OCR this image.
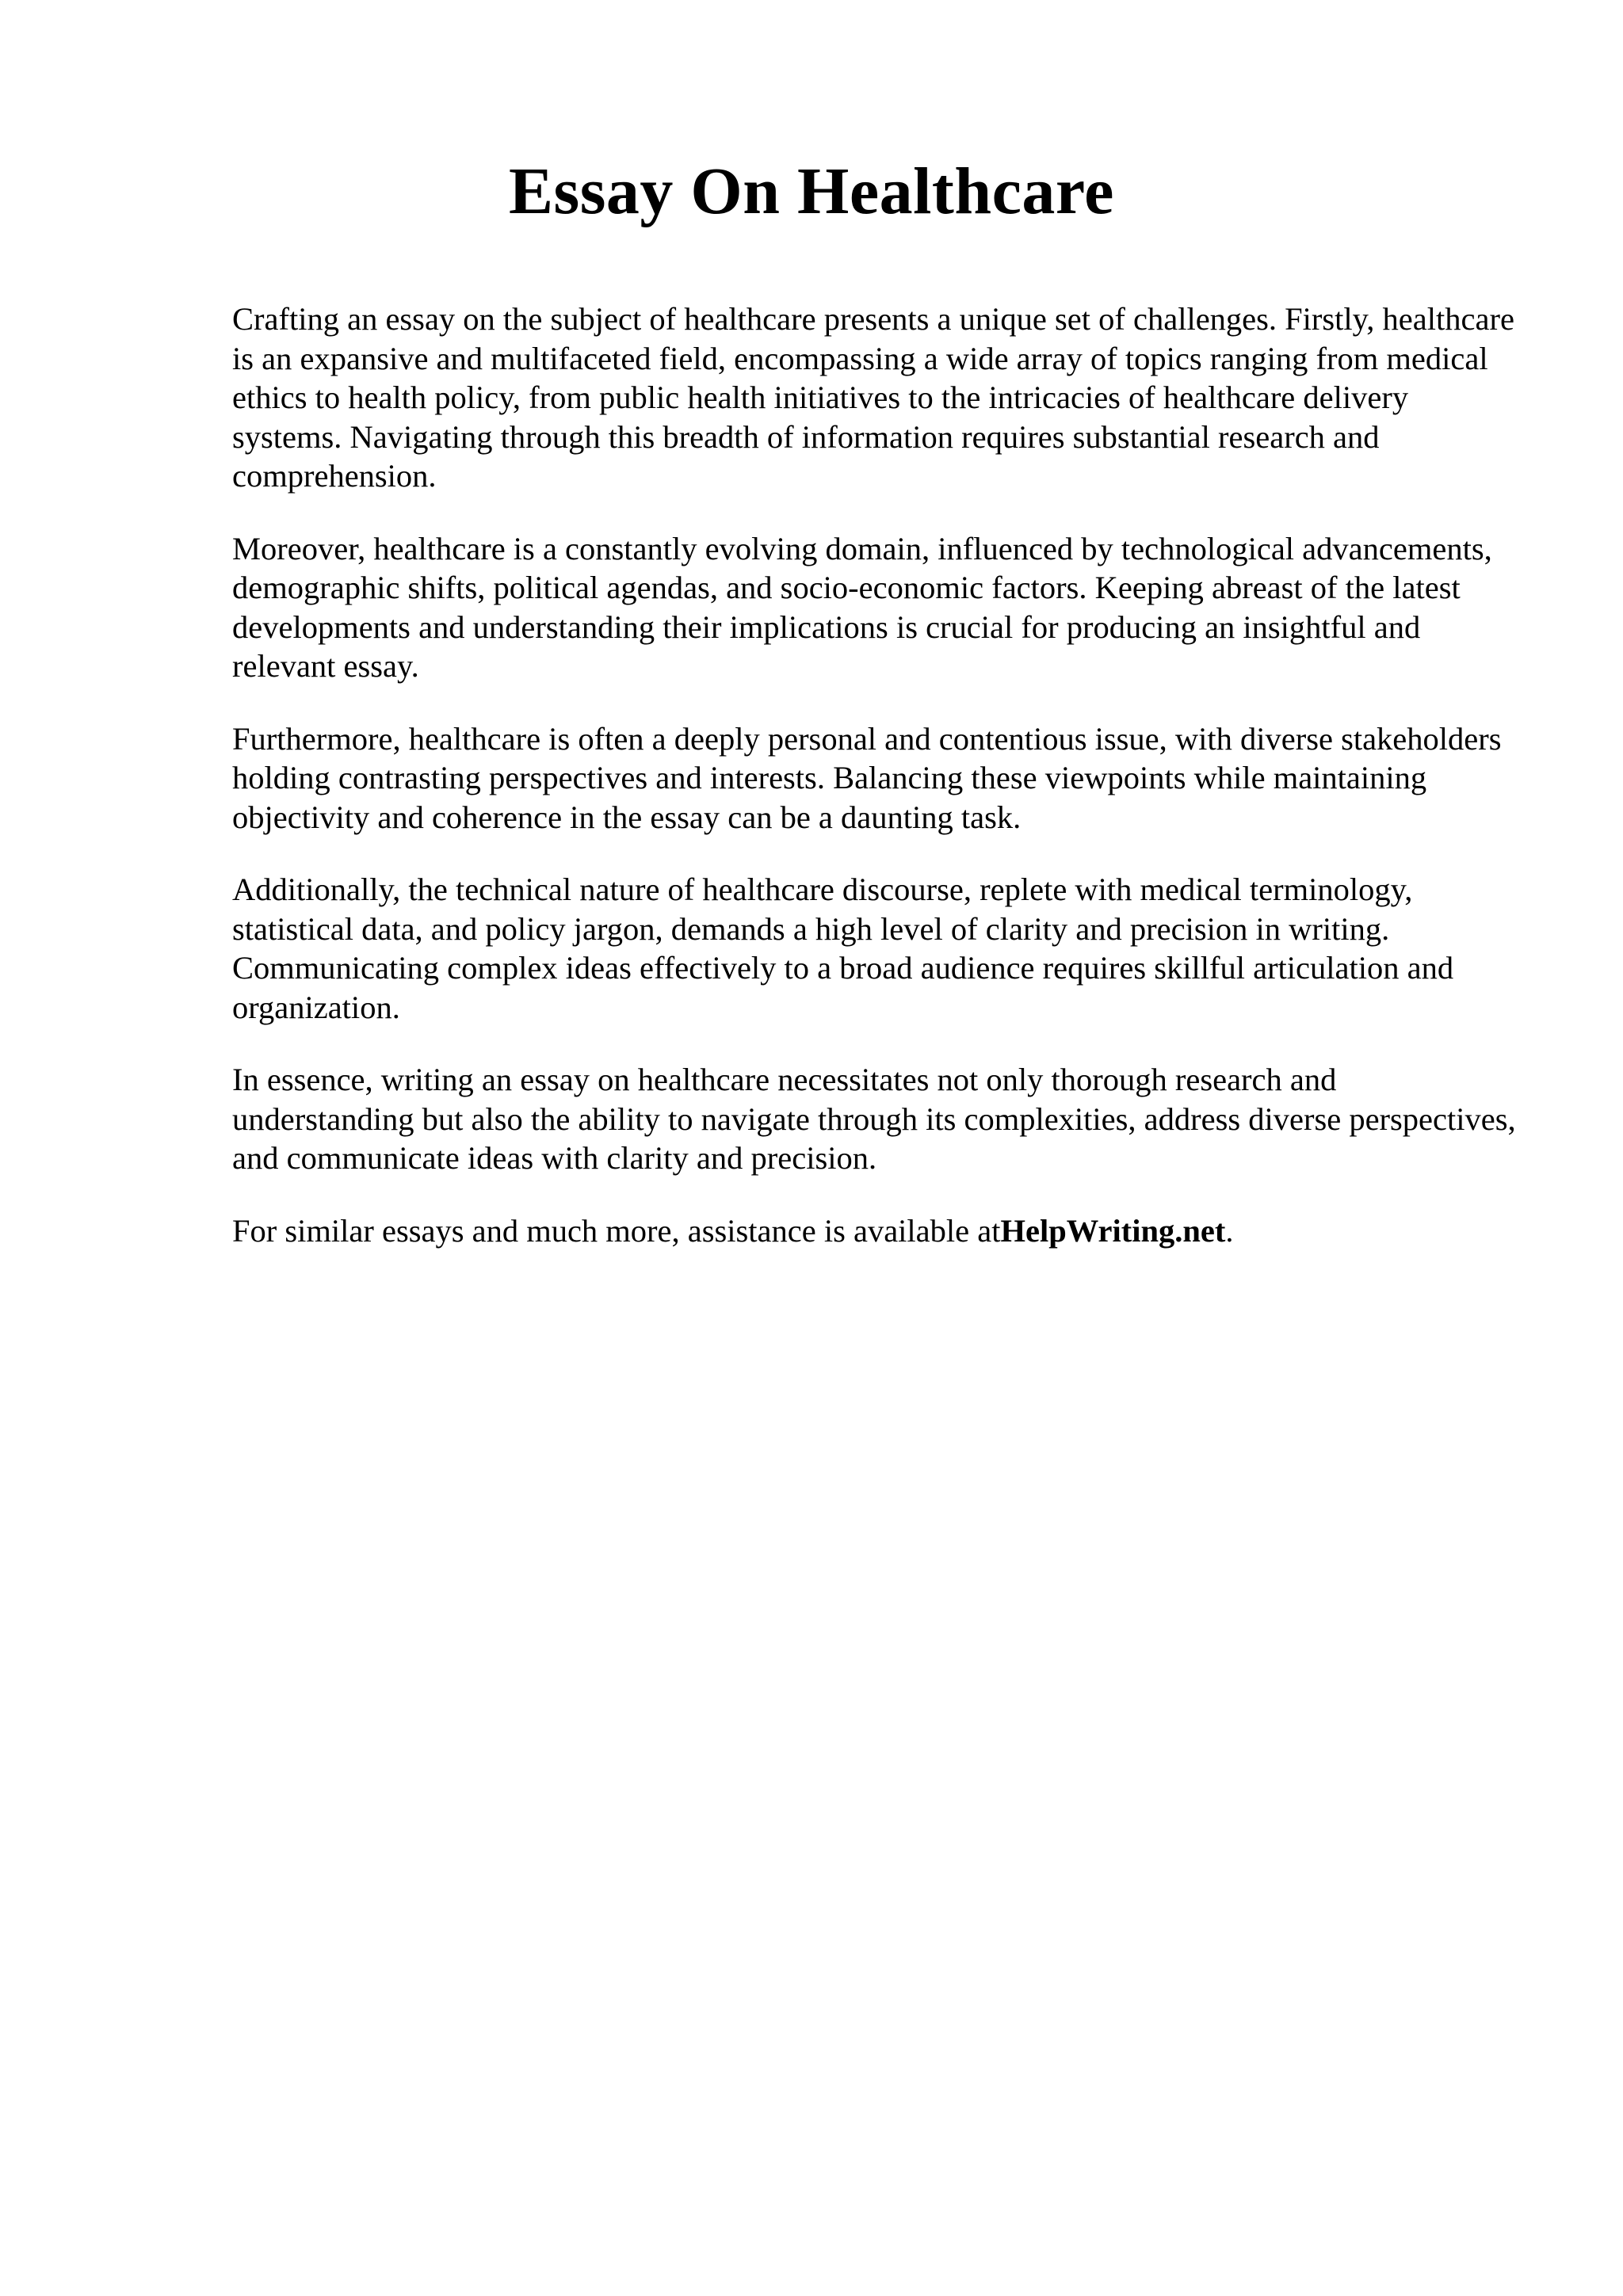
Essay On Healthcare

Crafting an essay on the subject of healthcare presents a unique set of challenges. Firstly, healthcare is an expansive and multifaceted field, encompassing a wide array of topics ranging from medical ethics to health policy, from public health initiatives to the intricacies of healthcare delivery systems. Navigating through this breadth of information requires substantial research and comprehension.

Moreover, healthcare is a constantly evolving domain, influenced by technological advancements, demographic shifts, political agendas, and socio-economic factors. Keeping abreast of the latest developments and understanding their implications is crucial for producing an insightful and relevant essay.

Furthermore, healthcare is often a deeply personal and contentious issue, with diverse stakeholders holding contrasting perspectives and interests. Balancing these viewpoints while maintaining objectivity and coherence in the essay can be a daunting task.

Additionally, the technical nature of healthcare discourse, replete with medical terminology, statistical data, and policy jargon, demands a high level of clarity and precision in writing. Communicating complex ideas effectively to a broad audience requires skillful articulation and organization.

In essence, writing an essay on healthcare necessitates not only thorough research and understanding but also the ability to navigate through its complexities, address diverse perspectives, and communicate ideas with clarity and precision.

For similar essays and much more, assistance is available atHelpWriting.net.
